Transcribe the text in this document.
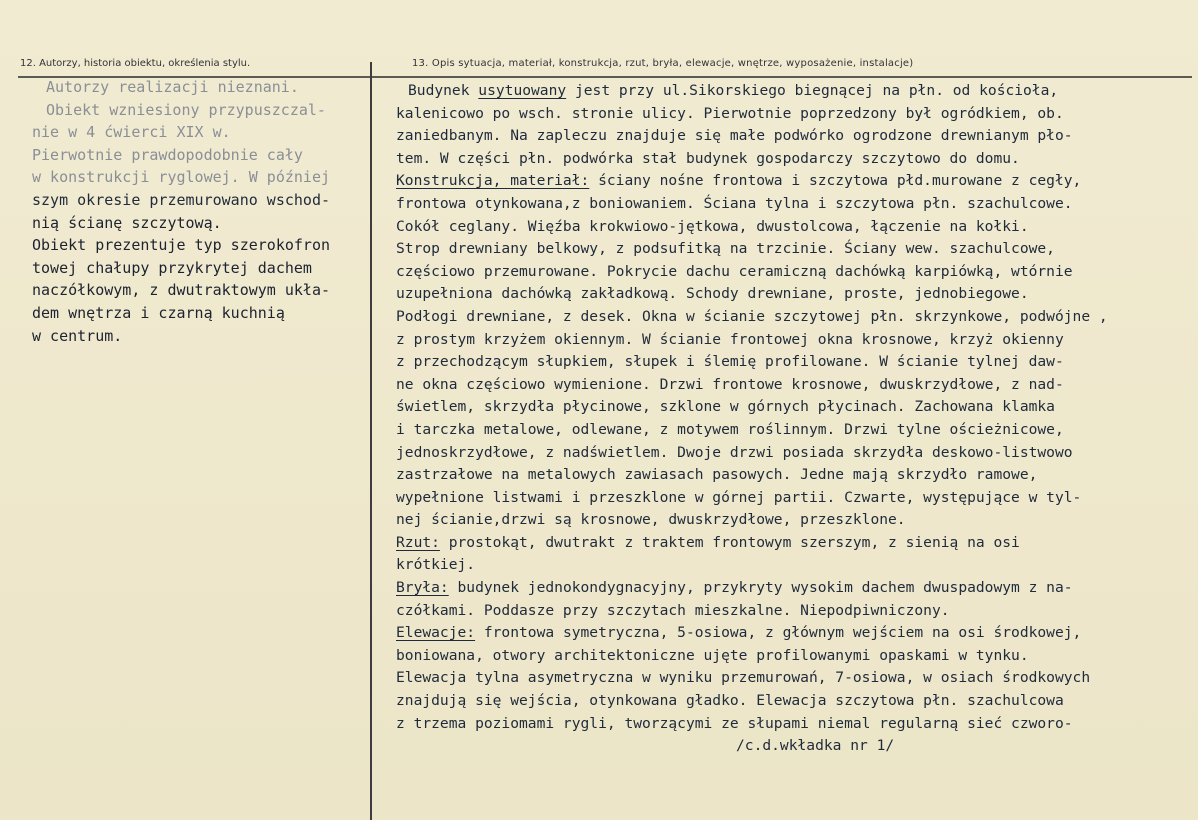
12. Autorzy, historia obiektu, określenia stylu.	13. Opis sytuacja, materiał, konstrukcja, rzut, bryła, elewacje, wnętrze, wyposażenie, instalacje)
Autorzy realizacji nieznani.
Obiekt wzniesiony przypuszczal-
nie w 4 ćwierci XIX w.
Pierwotnie prawdopodobnie cały
w konstrukcji ryglowej. W później
szym okresie przemurowano wschod-
nią ścianę szczytową.
Obiekt prezentuje typ szerokofron
towej chałupy przykrytej dachem
naczółkowym, z dwutraktowym ukła-
dem wnętrza i czarną kuchnią
w centrum.
Budynek usytuowany jest przy ul.Sikorskiego biegnącej na płn. od kościoła,
kalenicowo po wsch. stronie ulicy. Pierwotnie poprzedzony był ogródkiem, ob.
zaniedbanym. Na zapleczu znajduje się małe podwórko ogrodzone drewnianym pło-
tem. W części płn. podwórka stał budynek gospodarczy szczytowo do domu.
Konstrukcja, materiał: ściany nośne frontowa i szczytowa płd.murowane z cegły,
frontowa otynkowana,z boniowaniem. Ściana tylna i szczytowa płn. szachulcowe.
Cokół ceglany. Więźba krokwiowo-jętkowa, dwustolcowa, łączenie na kołki.
Strop drewniany belkowy, z podsufitką na trzcinie. Ściany wew. szachulcowe,
częściowo przemurowane. Pokrycie dachu ceramiczną dachówką karpiówką, wtórnie
uzupełniona dachówką zakładkową. Schody drewniane, proste, jednobiegowe.
Podłogi drewniane, z desek. Okna w ścianie szczytowej płn. skrzynkowe, podwójne ,
z prostym krzyżem okiennym. W ścianie frontowej okna krosnowe, krzyż okienny
z przechodzącym słupkiem, słupek i ślemię profilowane. W ścianie tylnej daw-
ne okna częściowo wymienione. Drzwi frontowe krosnowe, dwuskrzydłowe, z nad-
świetlem, skrzydła płycinowe, szklone w górnych płycinach. Zachowana klamka
i tarczka metalowe, odlewane, z motywem roślinnym. Drzwi tylne ościeżnicowe,
jednoskrzydłowe, z nadświetlem. Dwoje drzwi posiada skrzydła deskowo-listwowo
zastrzałowe na metalowych zawiasach pasowych. Jedne mają skrzydło ramowe,
wypełnione listwami i przeszklone w górnej partii. Czwarte, występujące w tyl-
nej ścianie,drzwi są krosnowe, dwuskrzydłowe, przeszklone.
Rzut: prostokąt, dwutrakt z traktem frontowym szerszym, z sienią na osi
krótkiej.
Bryła: budynek jednokondygnacyjny, przykryty wysokim dachem dwuspadowym z na-
czółkami. Poddasze przy szczytach mieszkalne. Niepodpiwniczony.
Elewacje: frontowa symetryczna, 5-osiowa, z głównym wejściem na osi środkowej,
boniowana, otwory architektoniczne ujęte profilowanymi opaskami w tynku.
Elewacja tylna asymetryczna w wyniku przemurowań, 7-osiowa, w osiach środkowych
znajdują się wejścia, otynkowana gładko. Elewacja szczytowa płn. szachulcowa
z trzema poziomami rygli, tworzącymi ze słupami niemal regularną sieć czworo-
/c.d.wkładka nr 1/
